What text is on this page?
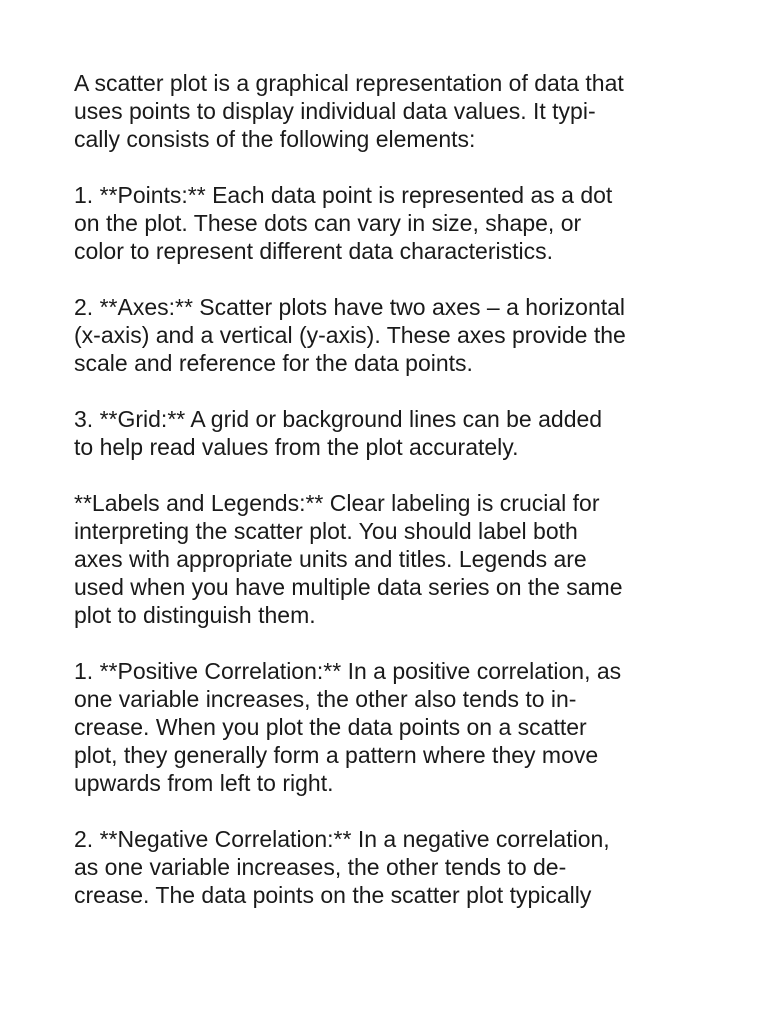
A scatter plot is a graphical representation of data that
uses points to display individual data values. It typi-
cally consists of the following elements:

1. **Points:** Each data point is represented as a dot
on the plot. These dots can vary in size, shape, or
color to represent different data characteristics.

2. **Axes:** Scatter plots have two axes – a horizontal
(x-axis) and a vertical (y-axis). These axes provide the
scale and reference for the data points.

3. **Grid:** A grid or background lines can be added
to help read values from the plot accurately.

**Labels and Legends:** Clear labeling is crucial for
interpreting the scatter plot. You should label both
axes with appropriate units and titles. Legends are
used when you have multiple data series on the same
plot to distinguish them.

1. **Positive Correlation:** In a positive correlation, as
one variable increases, the other also tends to in-
crease. When you plot the data points on a scatter
plot, they generally form a pattern where they move
upwards from left to right.

2. **Negative Correlation:** In a negative correlation,
as one variable increases, the other tends to de-
crease. The data points on the scatter plot typically
